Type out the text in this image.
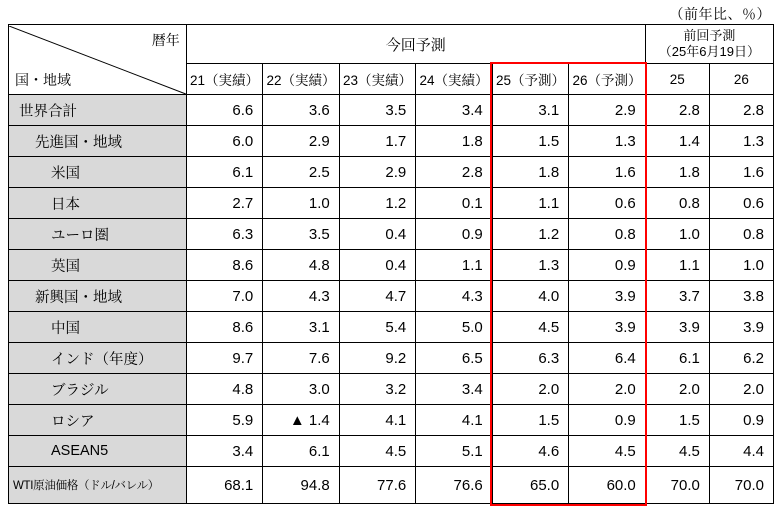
（前年比、％）
暦年
国・地域	今回予測						前回予測
（25年6月19日）	

	21（実績）	22（実績）	23（実績）	24（実績）	25（予測）	26（予測）	25	26
世界合計	6.6	3.6	3.5	3.4	3.1	2.9	2.8	2.8
先進国・地域	6.0	2.9	1.7	1.8	1.5	1.3	1.4	1.3
米国	6.1	2.5	2.9	2.8	1.8	1.6	1.8	1.6
日本	2.7	1.0	1.2	0.1	1.1	0.6	0.8	0.6
ユーロ圏	6.3	3.5	0.4	0.9	1.2	0.8	1.0	0.8
英国	8.6	4.8	0.4	1.1	1.3	0.9	1.1	1.0
新興国・地域	7.0	4.3	4.7	4.3	4.0	3.9	3.7	3.8
中国	8.6	3.1	5.4	5.0	4.5	3.9	3.9	3.9
インド（年度）	9.7	7.6	9.2	6.5	6.3	6.4	6.1	6.2
ブラジル	4.8	3.0	3.2	3.4	2.0	2.0	2.0	2.0
ロシア	5.9	▲ 1.4	4.1	4.1	1.5	0.9	1.5	0.9
ASEAN5	3.4	6.1	4.5	5.1	4.6	4.5	4.5	4.4
WTI原油価格（ドル/バレル）	68.1	94.8	77.6	76.6	65.0	60.0	70.0	70.0
